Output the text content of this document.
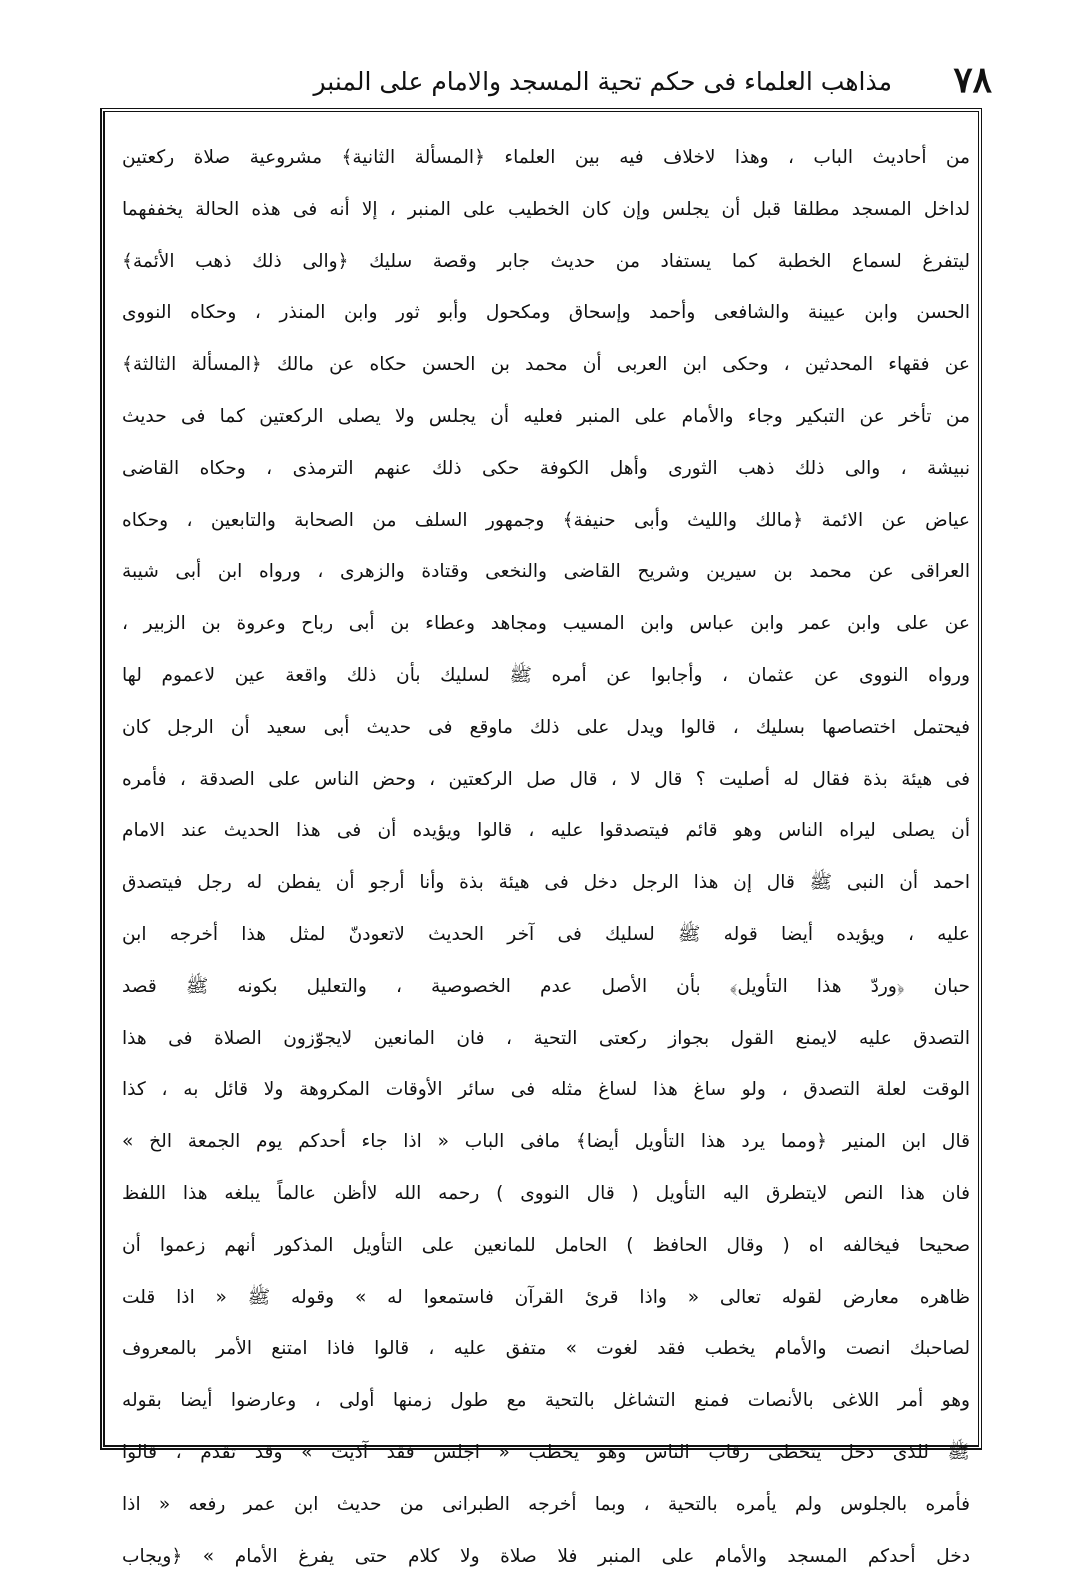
٧٨
مذاهب العلماء فى حكم تحية المسجد والامام على المنبر
من أحاديث الباب ، وهذا لاخلاف فيه بين العلماء ﴿المسألة الثانية﴾ مشروعية صلاة ركعتين
لداخل المسجد مطلقا قبل أن يجلس وإن كان الخطيب على المنبر ، إلا أنه فى هذه الحالة يخففهما
ليتفرغ لسماع الخطبة كما يستفاد من حديث جابر وقصة سليك ﴿والى ذلك ذهب الأئمة﴾
الحسن وابن عيينة والشافعى وأحمد وإسحاق ومكحول وأبو ثور وابن المنذر ، وحكاه النووى
عن فقهاء المحدثين ، وحكى ابن العربى أن محمد بن الحسن حكاه عن مالك ﴿المسألة الثالثة﴾
من تأخر عن التبكير وجاء والأمام على المنبر فعليه أن يجلس ولا يصلى الركعتين كما فى حديث
نبيشة ، والى ذلك ذهب الثورى وأهل الكوفة حكى ذلك عنهم الترمذى ، وحكاه القاضى
عياض عن الائمة ﴿مالك والليث وأبى حنيفة﴾ وجمهور السلف من الصحابة والتابعين ، وحكاه
العراقى عن محمد بن سيرين وشريح القاضى والنخعى وقتادة والزهرى ، ورواه ابن أبى شيبة
عن على وابن عمر وابن عباس وابن المسيب ومجاهد وعطاء بن أبى رباح وعروة بن الزبير ،
ورواه النووى عن عثمان ، وأجابوا عن أمره ﷺ لسليك بأن ذلك واقعة عين لاعموم لها
فيحتمل اختصاصها بسليك ، قالوا ويدل على ذلك ماوقع فى حديث أبى سعيد أن الرجل كان
فى هيئة بذة فقال له أصليت ؟ قال لا ، قال صل الركعتين ، وحض الناس على الصدقة ، فأمره
أن يصلى ليراه الناس وهو قائم فيتصدقوا عليه ، قالوا ويؤيده أن فى هذا الحديث عند الامام
احمد أن النبى ﷺ قال إن هذا الرجل دخل فى هيئة بذة وأنا أرجو أن يفطن له رجل فيتصدق
عليه ، ويؤيده أيضا قوله ﷺ لسليك فى آخر الحديث لاتعودنّ لمثل هذا أخرجه ابن
حبان ﴿وردّ هذا التأويل﴾ بأن الأصل عدم الخصوصية ، والتعليل بكونه ﷺ قصد
التصدق عليه لايمنع القول بجواز ركعتى التحية ، فان المانعين لايجوّزون الصلاة فى هذا
الوقت لعلة التصدق ، ولو ساغ هذا لساغ مثله فى سائر الأوقات المكروهة ولا قائل به ، كذا
قال ابن المنير ﴿ومما يرد هذا التأويل أيضا﴾ مافى الباب « اذا جاء أحدكم يوم الجمعة الخ »
فان هذا النص لايتطرق اليه التأويل ( قال النووى ) رحمه الله لاأظن عالماً يبلغه هذا اللفظ
صحيحا فيخالفه اه ( وقال الحافظ ) الحامل للمانعين على التأويل المذكور أنهم زعموا أن
ظاهره معارض لقوله تعالى « واذا قرئ القرآن فاستمعوا له » وقوله ﷺ « اذا قلت
لصاحبك انصت والأمام يخطب فقد لغوت » متفق عليه ، قالوا فاذا امتنع الأمر بالمعروف
وهو أمر اللاغى بالأنصات فمنع التشاغل بالتحية مع طول زمنها أولى ، وعارضوا أيضا بقوله
ﷺ للذى دخل يتخطى رقاب الناس وهو يخطب « اجلس فقد آذيت » وقد تقدم ، قالوا
فأمره بالجلوس ولم يأمره بالتحية ، وبما أخرجه الطبرانى من حديث ابن عمر رفعه « اذا
دخل أحدكم المسجد والأمام على المنبر فلا صلاة ولا كلام حتى يفرغ الأمام » ﴿ويجاب
